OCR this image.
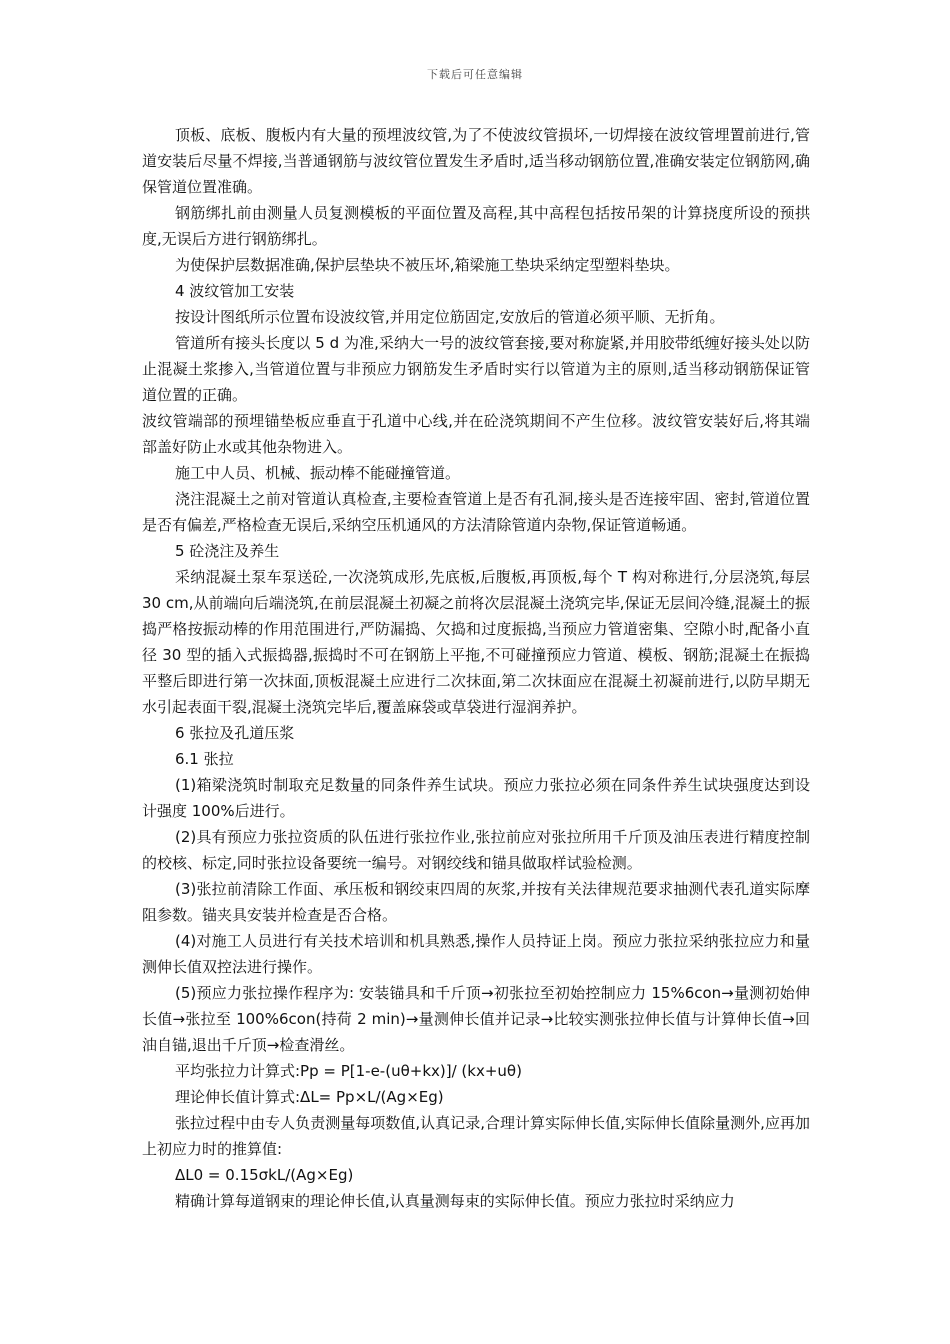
下载后可任意编辑

顶板、底板、腹板内有大量的预埋波纹管,为了不使波纹管损坏,一切焊接在波纹管埋置前进行,管道安装后尽量不焊接,当普通钢筋与波纹管位置发生矛盾时,适当移动钢筋位置,准确安装定位钢筋网,确保管道位置准确。

钢筋绑扎前由测量人员复测模板的平面位置及高程,其中高程包括按吊架的计算挠度所设的预拱度,无误后方进行钢筋绑扎。

为使保护层数据准确,保护层垫块不被压坏,箱梁施工垫块采纳定型塑料垫块。

4 波纹管加工安装

按设计图纸所示位置布设波纹管,并用定位筋固定,安放后的管道必须平顺、无折角。

管道所有接头长度以 5 d 为准,采纳大一号的波纹管套接,要对称旋紧,并用胶带纸缠好接头处以防止混凝土浆掺入,当管道位置与非预应力钢筋发生矛盾时实行以管道为主的原则,适当移动钢筋保证管道位置的正确。

波纹管端部的预埋锚垫板应垂直于孔道中心线,并在砼浇筑期间不产生位移。波纹管安装好后,将其端部盖好防止水或其他杂物进入。

施工中人员、机械、振动棒不能碰撞管道。

浇注混凝土之前对管道认真检查,主要检查管道上是否有孔洞,接头是否连接牢固、密封,管道位置是否有偏差,严格检查无误后,采纳空压机通风的方法清除管道内杂物,保证管道畅通。

5 砼浇注及养生

采纳混凝土泵车泵送砼,一次浇筑成形,先底板,后腹板,再顶板,每个 T 构对称进行,分层浇筑,每层 30 cm,从前端向后端浇筑,在前层混凝土初凝之前将次层混凝土浇筑完毕,保证无层间冷缝,混凝土的振捣严格按振动棒的作用范围进行,严防漏捣、欠捣和过度振捣,当预应力管道密集、空隙小时,配备小直径 30 型的插入式振捣器,振捣时不可在钢筋上平拖,不可碰撞预应力管道、模板、钢筋;混凝土在振捣平整后即进行第一次抹面,顶板混凝土应进行二次抹面,第二次抹面应在混凝土初凝前进行,以防早期无水引起表面干裂,混凝土浇筑完毕后,覆盖麻袋或草袋进行湿润养护。

6 张拉及孔道压浆

6.1 张拉

(1)箱梁浇筑时制取充足数量的同条件养生试块。预应力张拉必须在同条件养生试块强度达到设计强度 100%后进行。

(2)具有预应力张拉资质的队伍进行张拉作业,张拉前应对张拉所用千斤顶及油压表进行精度控制的校核、标定,同时张拉设备要统一编号。对钢绞线和锚具做取样试验检测。

(3)张拉前清除工作面、承压板和钢绞束四周的灰浆,并按有关法律规范要求抽测代表孔道实际摩阻参数。锚夹具安装并检查是否合格。

(4)对施工人员进行有关技术培训和机具熟悉,操作人员持证上岗。预应力张拉采纳张拉应力和量测伸长值双控法进行操作。

(5)预应力张拉操作程序为: 安装锚具和千斤顶→初张拉至初始控制应力 15%6con→量测初始伸长值→张拉至 100%6con(持荷 2 min)→量测伸长值并记录→比较实测张拉伸长值与计算伸长值→回油自锚,退出千斤顶→检查滑丝。

平均张拉力计算式:Pp = P[1-e-(uθ+kx)]/ (kx+uθ)

理论伸长值计算式:ΔL= Pp×L/(Ag×Eg)

张拉过程中由专人负责测量每项数值,认真记录,合理计算实际伸长值,实际伸长值除量测外,应再加上初应力时的推算值:

ΔL0 = 0.15σkL/(Ag×Eg)

精确计算每道钢束的理论伸长值,认真量测每束的实际伸长值。预应力张拉时采纳应力
